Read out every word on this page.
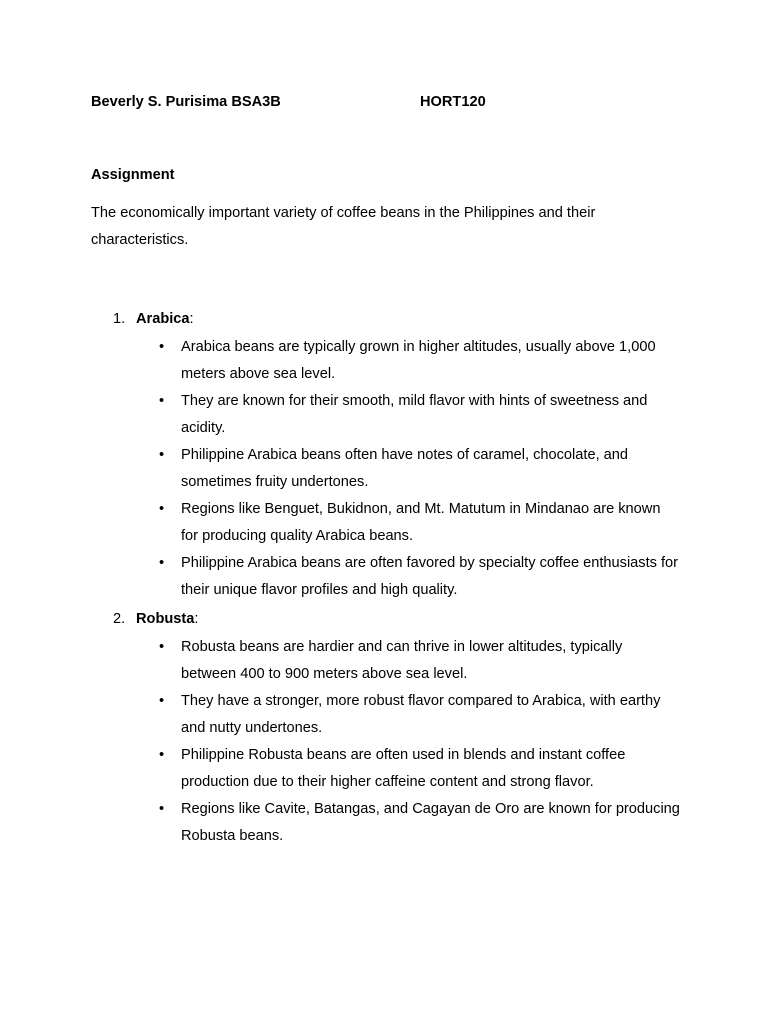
Beverly S. Purisima BSA3B	HORT120
Assignment
The economically important variety of coffee beans in the Philippines and their characteristics.
1. Arabica:
• Arabica beans are typically grown in higher altitudes, usually above 1,000 meters above sea level.
• They are known for their smooth, mild flavor with hints of sweetness and acidity.
• Philippine Arabica beans often have notes of caramel, chocolate, and sometimes fruity undertones.
• Regions like Benguet, Bukidnon, and Mt. Matutum in Mindanao are known for producing quality Arabica beans.
• Philippine Arabica beans are often favored by specialty coffee enthusiasts for their unique flavor profiles and high quality.
2. Robusta:
• Robusta beans are hardier and can thrive in lower altitudes, typically between 400 to 900 meters above sea level.
• They have a stronger, more robust flavor compared to Arabica, with earthy and nutty undertones.
• Philippine Robusta beans are often used in blends and instant coffee production due to their higher caffeine content and strong flavor.
• Regions like Cavite, Batangas, and Cagayan de Oro are known for producing Robusta beans.
